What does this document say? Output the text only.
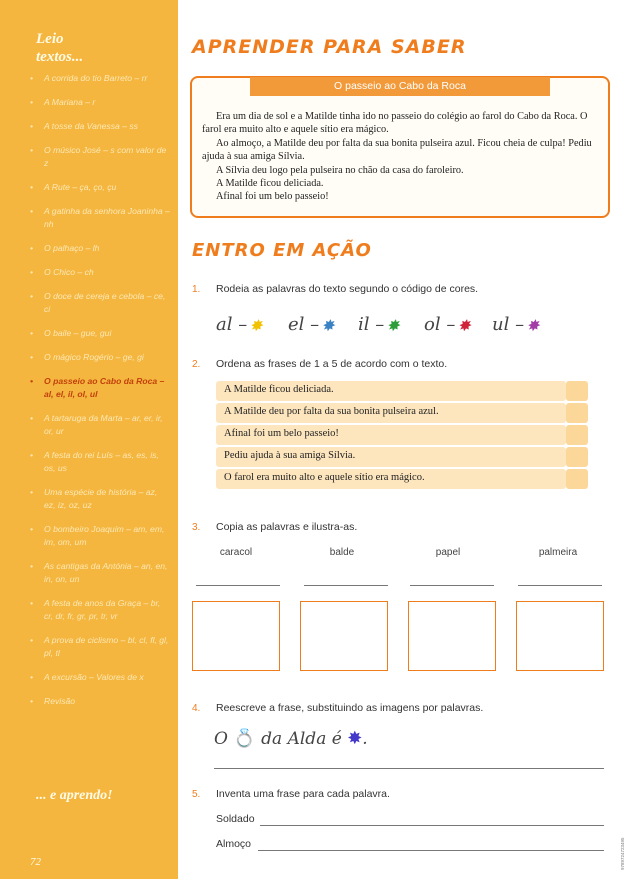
Leio
textos...
• A corrida do tio Barreto – rr
• A Mariana – r
• A tosse da Vanessa – ss
• O músico José – s com valor de z
• A Rute – ça, ço, çu
• A gatinha da senhora Joaninha – nh
• O palhaço – lh
• O Chico – ch
• O doce de cereja e cebola – ce, ci
• O baile – gue, gui
• O mágico Rogério – ge, gi
• O passeio ao Cabo da Roca – al, el, il, ol, ul
• A tartaruga da Marta – ar, er, ir, or, ur
• A festa do rei Luís – as, es, is, os, us
• Uma espécie de história – az, ez, iz, oz, uz
• O bombeiro Joaquim – am, em, im, om, um
• As cantigas da Antónia – an, en, in, on, un
• A festa de anos da Graça – br, cr, dr, fr, gr, pr, tr, vr
• A prova de ciclismo – bl, cl, fl, gl, pl, tl
• A excursão – Valores de x
• Revisão
... e aprendo!
72
APRENDER PARA SABER
O passeio ao Cabo da Roca

Era um dia de sol e a Matilde tinha ido no passeio do colégio ao farol do Cabo da Roca. O farol era muito alto e aquele sítio era mágico.

Ao almoço, a Matilde deu por falta da sua bonita pulseira azul. Ficou cheia de culpa! Pediu ajuda à sua amiga Sílvia.

A Sílvia deu logo pela pulseira no chão da casa do faroleiro.

A Matilde ficou deliciada.

Afinal foi um belo passeio!

ENTRO EM AÇÃO
1. Rodeia as palavras do texto segundo o código de cores.
al – ✸ el – ✸ il – ✸ ol – ✸ ul – ✸
2. Ordena as frases de 1 a 5 de acordo com o texto.
A Matilde ficou deliciada.
A Matilde deu por falta da sua bonita pulseira azul.
Afinal foi um belo passeio!
Pediu ajuda à sua amiga Sílvia.
O farol era muito alto e aquele sítio era mágico.
3. Copia as palavras e ilustra-as.
caracol	balde	papel	palmeira
4. Reescreve a frase, substituindo as imagens por palavras.
O 💍 da Alda é ✸.
5. Inventa uma frase para cada palavra.
Soldado
Almoço	9789724723495
